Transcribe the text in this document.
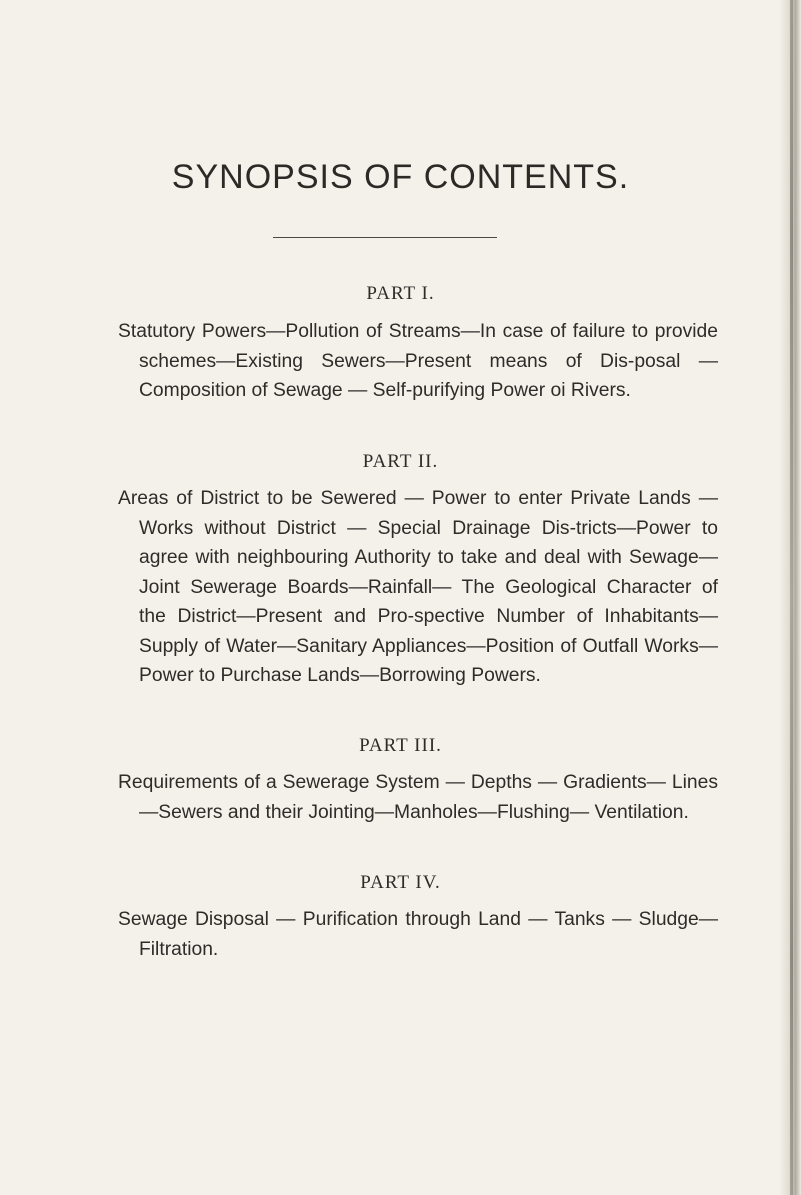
SYNOPSIS OF CONTENTS.
PART I.

Statutory Powers—Pollution of Streams—In case of failure to provide schemes—Existing Sewers—Present means of Dis-posal — Composition of Sewage — Self-purifying Power oi Rivers.

PART II.

Areas of District to be Sewered — Power to enter Private Lands — Works without District — Special Drainage Dis-tricts—Power to agree with neighbouring Authority to take and deal with Sewage—Joint Sewerage Boards—Rainfall— The Geological Character of the District—Present and Pro-spective Number of Inhabitants—Supply of Water—Sanitary Appliances—Position of Outfall Works—Power to Purchase Lands—Borrowing Powers.

PART III.

Requirements of a Sewerage System — Depths — Gradients— Lines—Sewers and their Jointing—Manholes—Flushing— Ventilation.

PART IV.

Sewage Disposal — Purification through Land — Tanks — Sludge—Filtration.
